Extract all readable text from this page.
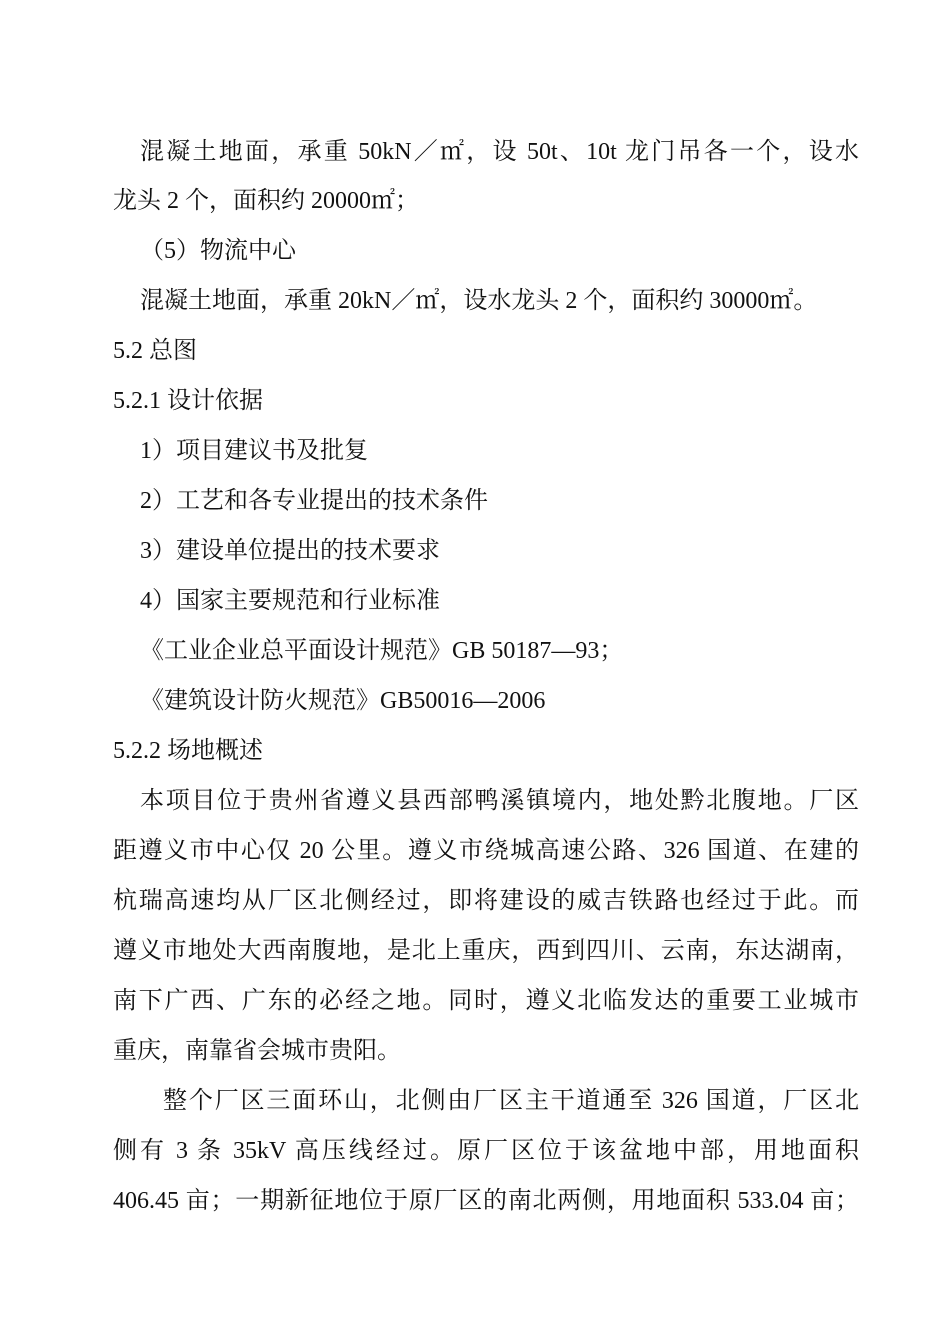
混凝土地面，承重 50kN／㎡，设 50t、10t 龙门吊各一个，设水
龙头 2 个，面积约 20000㎡；
（5）物流中心
混凝土地面，承重 20kN／㎡，设水龙头 2 个，面积约 30000㎡。
5.2 总图
5.2.1 设计依据
1）项目建议书及批复
2）工艺和各专业提出的技术条件
3）建设单位提出的技术要求
4）国家主要规范和行业标准
《工业企业总平面设计规范》GB 50187—93；
《建筑设计防火规范》GB50016—2006
5.2.2 场地概述
本项目位于贵州省遵义县西部鸭溪镇境内，地处黔北腹地。厂区
距遵义市中心仅 20 公里。遵义市绕城高速公路、326 国道、在建的
杭瑞高速均从厂区北侧经过，即将建设的威吉铁路也经过于此。而
遵义市地处大西南腹地，是北上重庆，西到四川、云南，东达湖南，
南下广西、广东的必经之地。同时，遵义北临发达的重要工业城市
重庆，南靠省会城市贵阳。
整个厂区三面环山，北侧由厂区主干道通至 326 国道，厂区北
侧有 3 条 35kV 高压线经过。原厂区位于该盆地中部，用地面积
406.45 亩；一期新征地位于原厂区的南北两侧，用地面积 533.04 亩；
